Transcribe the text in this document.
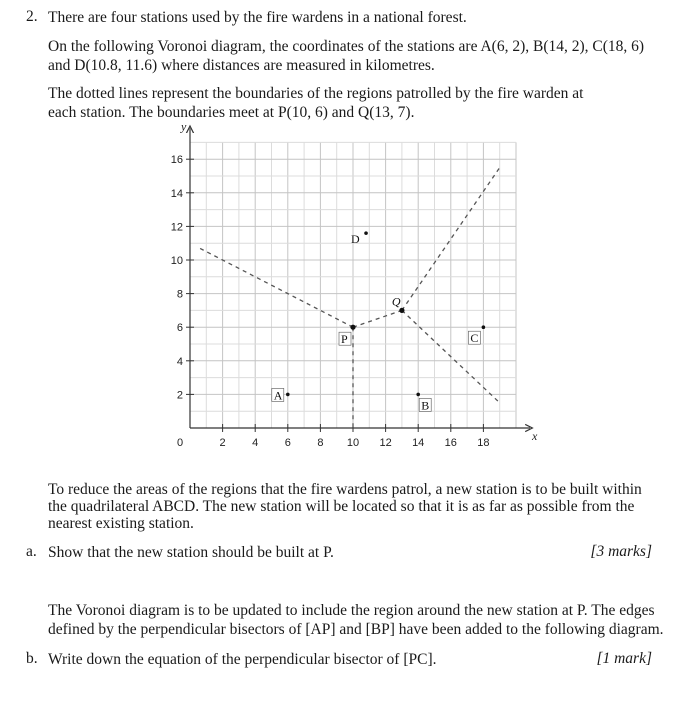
2. There are four stations used by the fire wardens in a national forest.

On the following Voronoi diagram, the coordinates of the stations are A(6, 2), B(14, 2), C(18, 6)

and D(10.8, 11.6) where distances are measured in kilometres.

The dotted lines represent the boundaries of the regions patrolled by the fire warden at

each station. The boundaries meet at P(10, 6) and Q(13, 7).

x
y
0	2 4 6 8 10 12 14 16 18
2
4
6
8
10
12
14
16
A
B
C
D
P
Q

To reduce the areas of the regions that the fire wardens patrol, a new station is to be built within

the quadrilateral ABCD. The new station will be located so that it is as far as possible from the

nearest existing station.

a. Show that the new station should be built at P.	[3 marks]

The Voronoi diagram is to be updated to include the region around the new station at P. The edges

defined by the perpendicular bisectors of [AP] and [BP] have been added to the following diagram.

b. Write down the equation of the perpendicular bisector of [PC].	[1 mark]
